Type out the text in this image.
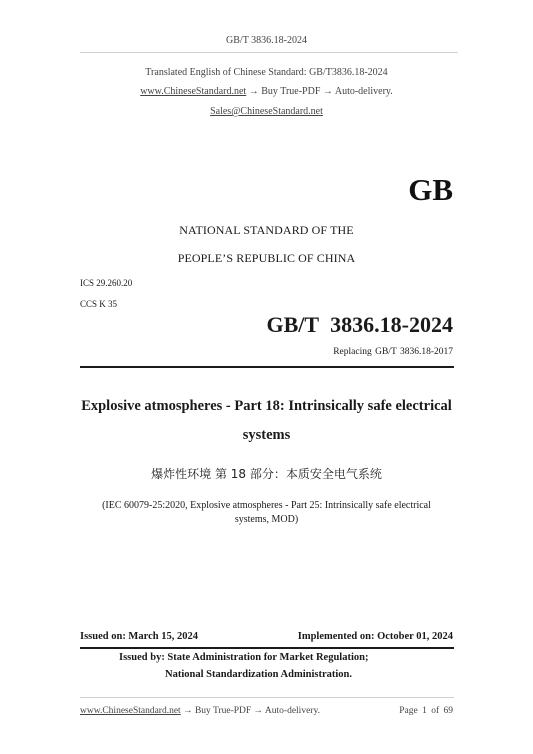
GB/T 3836.18-2024
Translated English of Chinese Standard: GB/T3836.18-2024
www.ChineseStandard.net → Buy True-PDF → Auto-delivery.
Sales@ChineseStandard.net
GB
NATIONAL STANDARD OF THE
PEOPLE’S REPUBLIC OF CHINA
ICS 29.260.20
CCS K 35
GB/T 3836.18-2024
Replacing GB/T 3836.18-2017
Explosive atmospheres - Part 18: Intrinsically safe electrical
systems
爆炸性环境 第 18 部分：本质安全电气系统
(IEC 60079-25:2020, Explosive atmospheres - Part 25: Intrinsically safe electrical
systems, MOD)
Issued on: March 15, 2024	Implemented on: October 01, 2024
Issued by: State Administration for Market Regulation;
National Standardization Administration.
www.ChineseStandard.net → Buy True-PDF → Auto-delivery.	Page 1 of 69
